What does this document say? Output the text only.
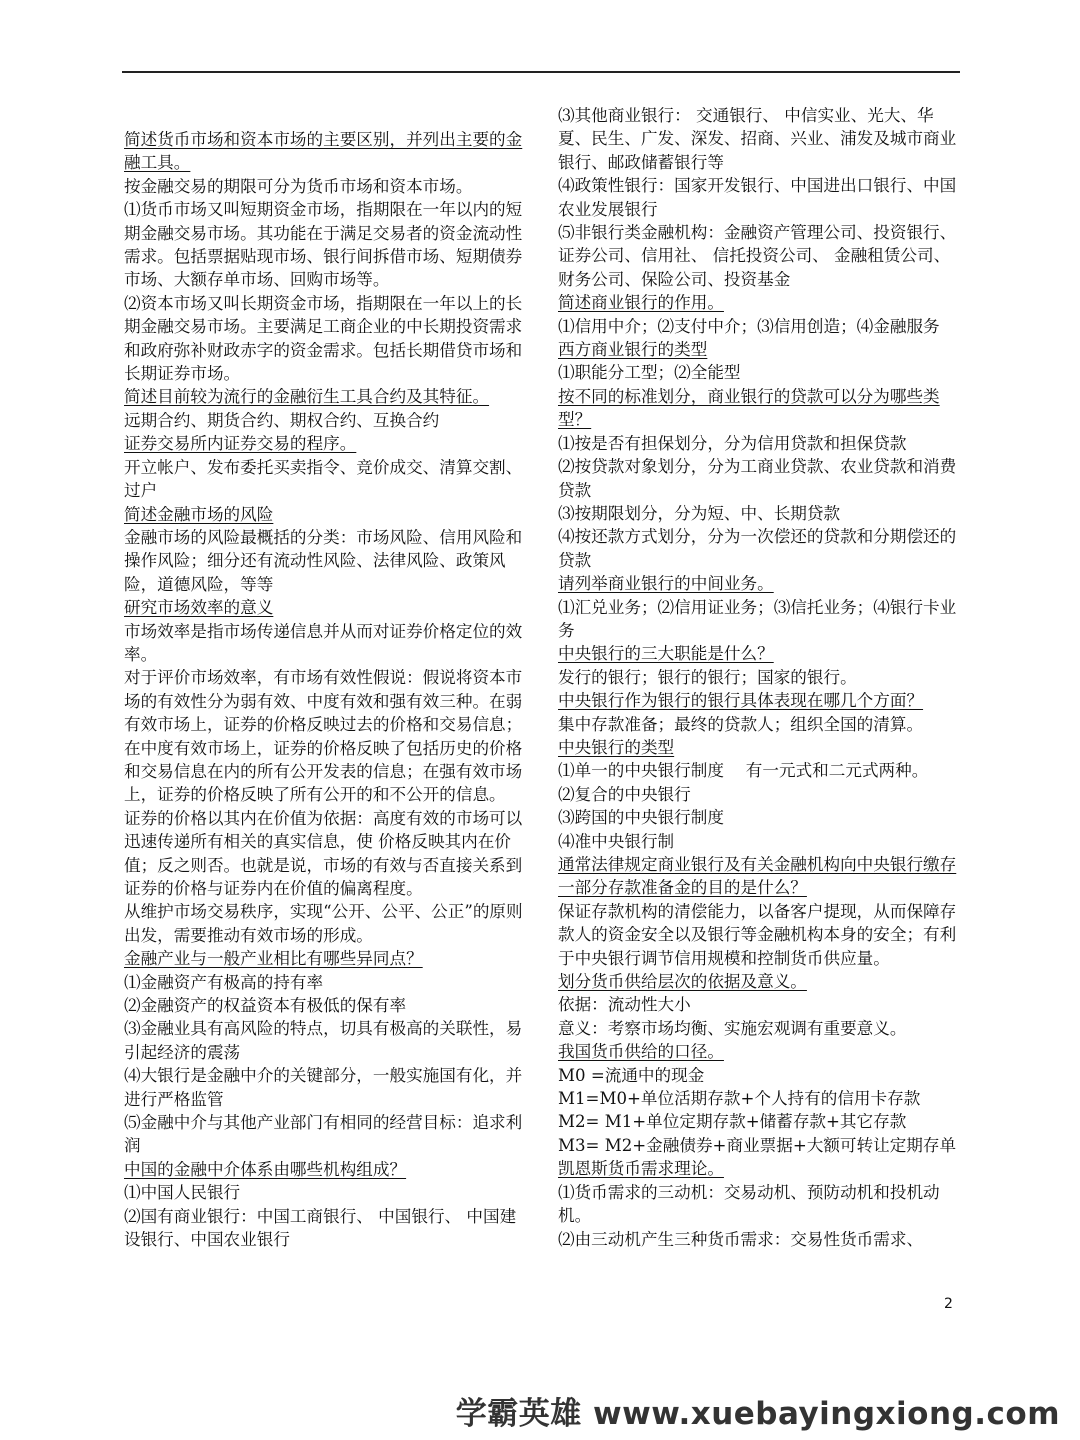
简述货币市场和资本市场的主要区别，并列出主要的金融工具。

按金融交易的期限可分为货币市场和资本市场。

⑴货币市场又叫短期资金市场，指期限在一年以内的短期金融交易市场。其功能在于满足交易者的资金流动性需求。包括票据贴现市场、银行间拆借市场、短期债券市场、大额存单市场、回购市场等。

⑵资本市场又叫长期资金市场，指期限在一年以上的长期金融交易市场。主要满足工商企业的中长期投资需求和政府弥补财政赤字的资金需求。包括长期借贷市场和长期证券市场。

简述目前较为流行的金融衍生工具合约及其特征。

远期合约、期货合约、期权合约、互换合约

证券交易所内证券交易的程序。

开立帐户、发布委托买卖指令、竞价成交、清算交割、过户

简述金融市场的风险

金融市场的风险最概括的分类：市场风险、信用风险和操作风险；细分还有流动性风险、法律风险、政策风险，道德风险，等等

研究市场效率的意义

市场效率是指市场传递信息并从而对证券价格定位的效率。

对于评价市场效率，有市场有效性假说：假说将资本市场的有效性分为弱有效、中度有效和强有效三种。在弱有效市场上，证券的价格反映过去的价格和交易信息；在中度有效市场上，证券的价格反映了包括历史的价格和交易信息在内的所有公开发表的信息；在强有效市场上，证券的价格反映了所有公开的和不公开的信息。

证券的价格以其内在价值为依据：高度有效的市场可以迅速传递所有相关的真实信息，使 价格反映其内在价值；反之则否。也就是说，市场的有效与否直接关系到证券的价格与证券内在价值的偏离程度。

从维护市场交易秩序，实现“公开、公平、公正”的原则出发，需要推动有效市场的形成。

金融产业与一般产业相比有哪些异同点？

⑴金融资产有极高的持有率

⑵金融资产的权益资本有极低的保有率

⑶金融业具有高风险的特点，切具有极高的关联性，易引起经济的震荡

⑷大银行是金融中介的关键部分，一般实施国有化，并进行严格监管

⑸金融中介与其他产业部门有相同的经营目标：追求利润

中国的金融中介体系由哪些机构组成？

⑴中国人民银行

⑵国有商业银行：中国工商银行、 中国银行、 中国建设银行、中国农业银行

⑶其他商业银行： 交通银行、 中信实业、光大、华夏、民生、广发、深发、招商、兴业、浦发及城市商业银行、邮政储蓄银行等

⑷政策性银行：国家开发银行、中国进出口银行、中国农业发展银行

⑸非银行类金融机构：金融资产管理公司、投资银行、证券公司、信用社、 信托投资公司、 金融租赁公司、 财务公司、保险公司、投资基金

简述商业银行的作用。

⑴信用中介；⑵支付中介；⑶信用创造；⑷金融服务

西方商业银行的类型

⑴职能分工型；⑵全能型

按不同的标准划分，商业银行的贷款可以分为哪些类型？

⑴按是否有担保划分，分为信用贷款和担保贷款

⑵按贷款对象划分，分为工商业贷款、农业贷款和消费贷款

⑶按期限划分，分为短、中、长期贷款

⑷按还款方式划分，分为一次偿还的贷款和分期偿还的贷款

请列举商业银行的中间业务。

⑴汇兑业务；⑵信用证业务；⑶信托业务；⑷银行卡业务

中央银行的三大职能是什么？

发行的银行；银行的银行；国家的银行。

中央银行作为银行的银行具体表现在哪几个方面？

集中存款准备；最终的贷款人；组织全国的清算。

中央银行的类型

⑴单一的中央银行制度　 有一元式和二元式两种。

⑵复合的中央银行

⑶跨国的中央银行制度

⑷准中央银行制

通常法律规定商业银行及有关金融机构向中央银行缴存一部分存款准备金的目的是什么？

保证存款机构的清偿能力，以备客户提现，从而保障存款人的资金安全以及银行等金融机构本身的安全；有利于中央银行调节信用规模和控制货币供应量。

划分货币供给层次的依据及意义。

依据：流动性大小

意义：考察市场均衡、实施宏观调有重要意义。

我国货币供给的口径。

M0 =流通中的现金

M1=M0+单位活期存款+个人持有的信用卡存款

M2= M1+单位定期存款+储蓄存款+其它存款

M3= M2+金融债券+商业票据+大额可转让定期存单

凯恩斯货币需求理论。

⑴货币需求的三动机：交易动机、预防动机和投机动机。

⑵由三动机产生三种货币需求：交易性货币需求、

2
学霸英雄 www.xuebayingxiong.com
